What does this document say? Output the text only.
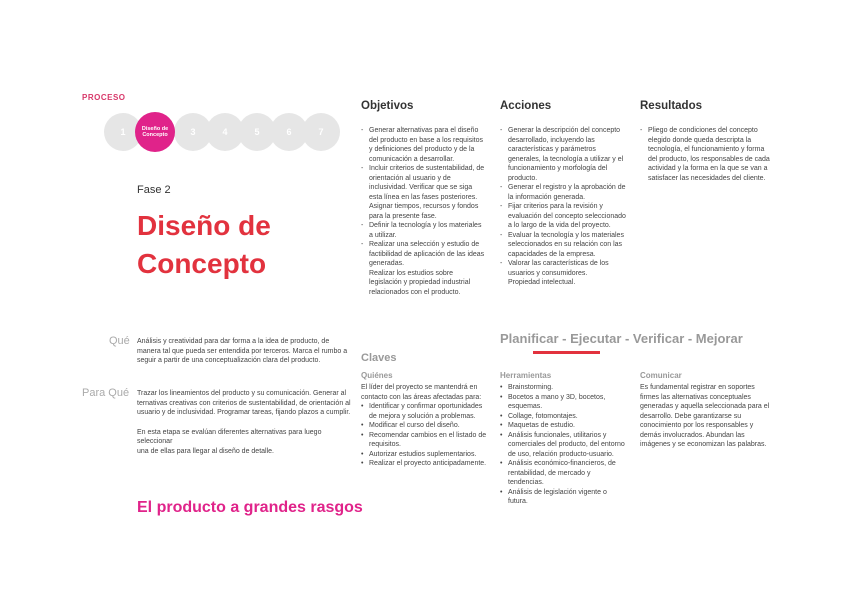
PROCESO
1	Diseño de Concepto	3	4	5	6	7
Fase 2
Diseño de
Concepto
Qué Análisis y creatividad para dar forma a la idea de producto, de
manera tal que pueda ser entendida por terceros. Marca el rumbo a
seguir a partir de una conceptualización clara del producto.
Para Qué Trazar los lineamientos del producto y su comunicación. Generar al
ternativas creativas con criterios de sustentabilidad, de orientación al
usuario y de inclusividad. Programar tareas, fijando plazos a cumplir.
En esta etapa se evalúan diferentes alternativas para luego seleccionar
una de ellas para llegar al diseño de detalle.
El producto a grandes rasgos
Objetivos
- Generar alternativas para el diseño del producto en base a los requisitos y definiciones del producto y de la comunicación a desarrollar.
- Incluir criterios de sustentabilidad, de orientación al usuario y de inclusividad. Verificar que se siga esta línea en las fases posteriores.
Asignar tiempos, recursos y fondos para la presente fase.
- Definir la tecnología y los materiales a utilizar.
- Realizar una selección y estudio de factibilidad de aplicación de las ideas generadas.
Realizar los estudios sobre legislación y propiedad industrial relacionados con el producto.
Acciones
- Generar la descripción del concepto desarrollado, incluyendo las características y parámetros generales, la tecnología a utilizar y el funcionamiento y morfología del producto.
- Generar el registro y la aprobación de la información generada.
- Fijar criterios para la revisión y evaluación del concepto seleccionado a lo largo de la vida del proyecto.
- Evaluar la tecnología y los materiales seleccionados en su relación con las capacidades de la empresa.
- Valorar las características de los usuarios y consumidores.
Propiedad intelectual.
Resultados
- Pliego de condiciones del concepto elegido donde queda descripta la tecnología, el funcionamiento y forma del producto, los responsables de cada actividad y la forma en la que se van a satisfacer las necesidades del cliente.
Planificar - Ejecutar - Verificar - Mejorar
Claves
Quiénes
El líder del proyecto se mantendrá en contacto con las áreas afectadas para:
• Identificar y confirmar oportunidades de mejora y solución a problemas.
• Modificar el curso del diseño.
• Recomendar cambios en el listado de requisitos.
• Autorizar estudios suplementarios.
• Realizar el proyecto anticipadamente.
Herramientas
• Brainstorming.
• Bocetos a mano y 3D, bocetos, esquemas.
• Collage, fotomontajes.
• Maquetas de estudio.
• Análisis funcionales, utilitarios y comerciales del producto, del entorno de uso, relación producto-usuario.
• Análisis económico-financieros, de rentabilidad, de mercado y tendencias.
• Análisis de legislación vigente o futura.
Comunicar
Es fundamental registrar en soportes firmes las alternativas conceptuales generadas y aquella seleccionada para el desarrollo. Debe garantizarse su conocimiento por los responsables y demás involucrados. Abundan las imágenes y se economizan las palabras.
